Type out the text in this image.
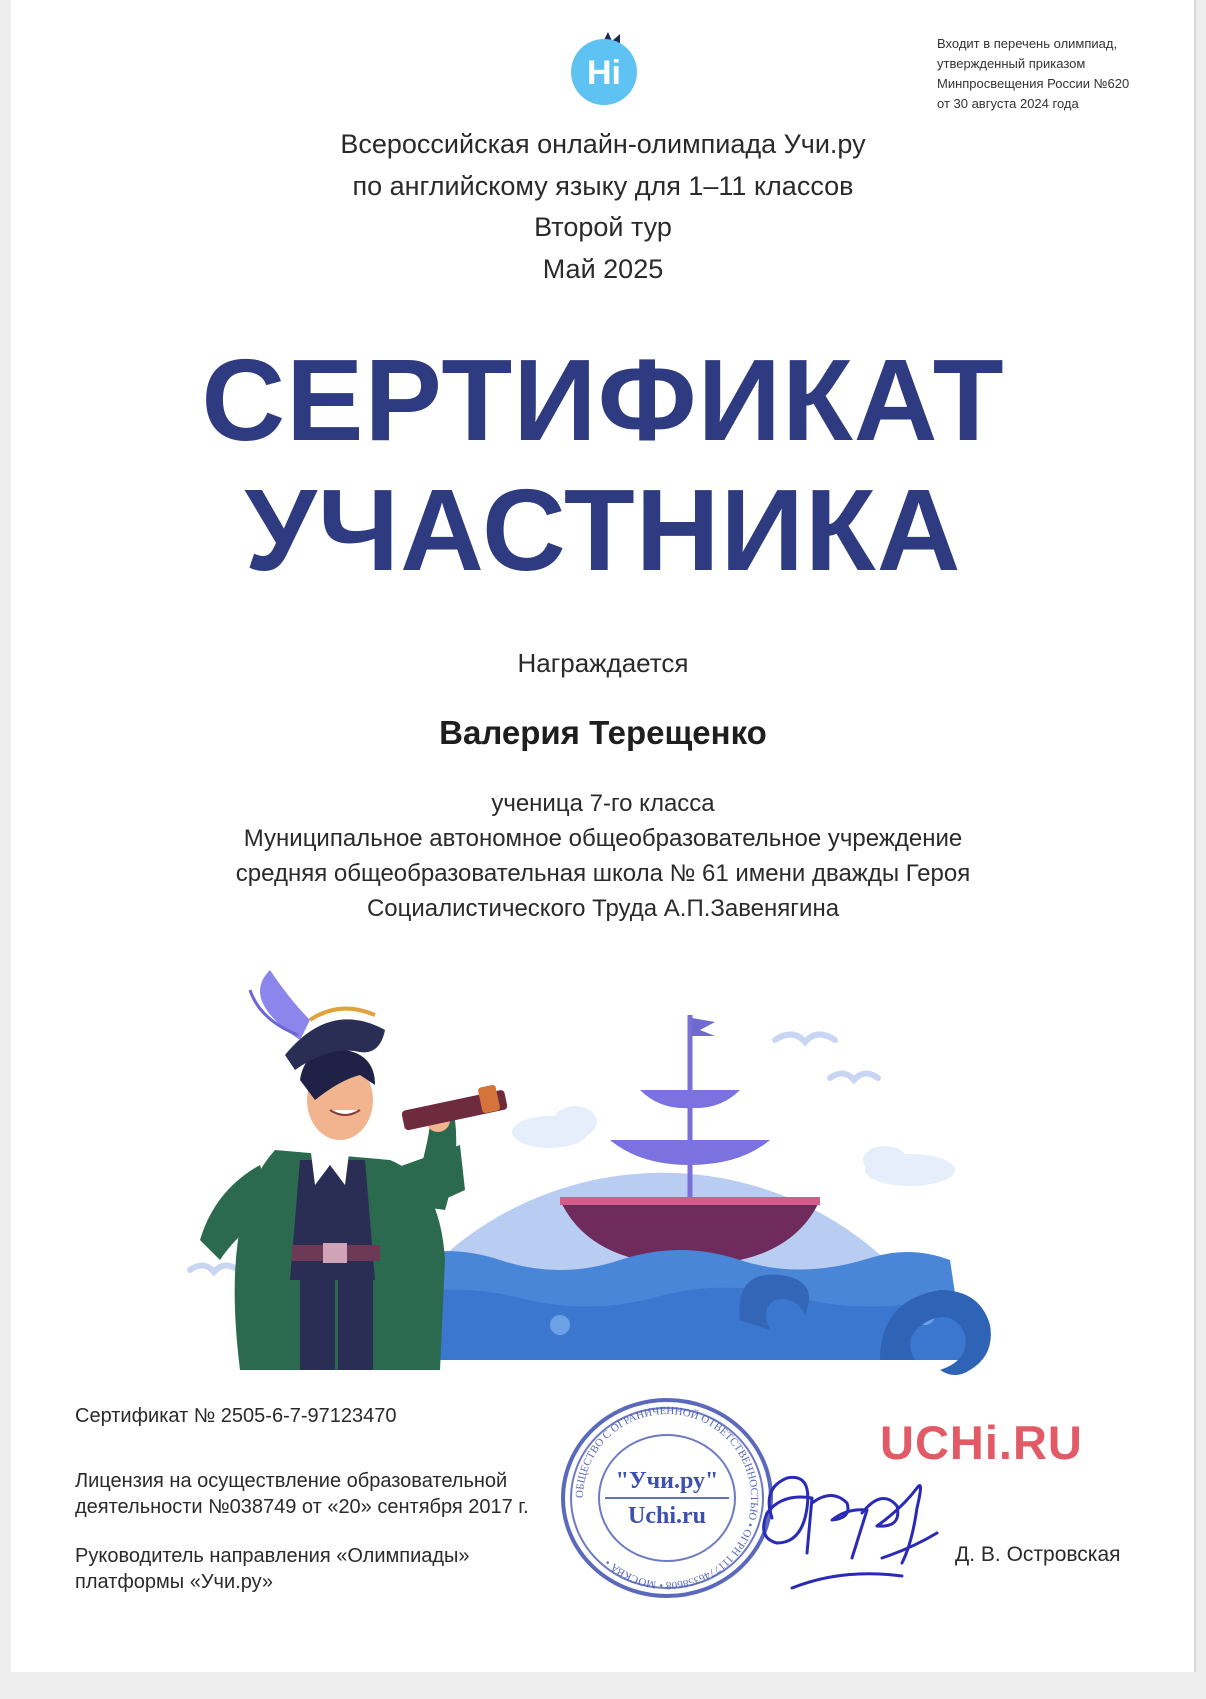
Hi
Входит в перечень олимпиад,
утвержденный приказом
Минпросвещения России №620
от 30 августа 2024 года
Всероссийская онлайн-олимпиада Учи.ру
по английскому языку для 1–11 классов
Второй тур
Май 2025
СЕРТИФИКАТ
УЧАСТНИКА
Награждается
Валерия Терещенко
ученица 7-го класса
Муниципальное автономное общеобразовательное учреждение
средняя общеобразовательная школа № 61 имени дважды Героя
Социалистического Труда А.П.Завенягина
Сертификат № 2505-6-7-97123470
Лицензия на осуществление образовательной
деятельности №038749 от «20» сентября 2017 г.
Руководитель направления «Олимпиады»
платформы «Учи.ру»
UCHi.RU
Д. В. Островская
ОБЩЕСТВО С ОГРАНИЧЕННОЙ ОТВЕТСТВЕННОСТЬЮ • ОГРН 1117746358608 • МОСКВА •
"Учи.ру"
Uchi.ru
